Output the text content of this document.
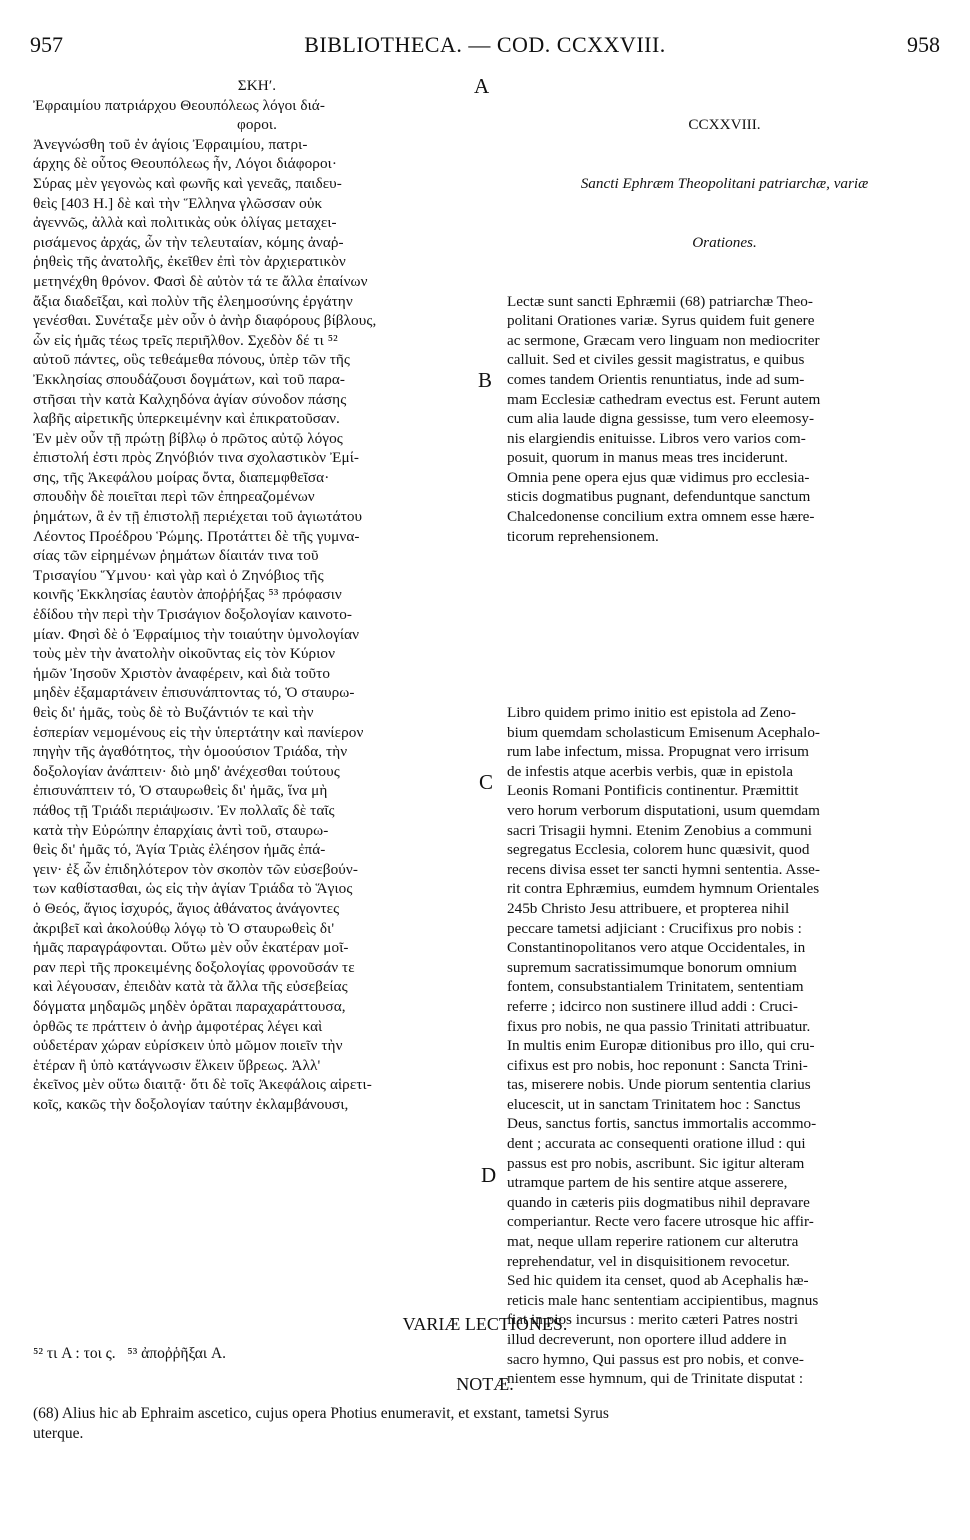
957	BIBLIOTHECA. — COD. CCXXVIII.	958
A
B
C
D
ΣΚΗʹ.
Ἐφραιμίου πατριάρχου Θεουπόλεως λόγοι διά-
φοροι.
Ἀνεγνώσθη τοῦ ἐν ἁγίοις Ἐφραιμίου, πατρι-
άρχης δὲ οὗτος Θεουπόλεως ἦν, Λόγοι διάφοροι·
Σύρας μὲν γεγονὼς καὶ φωνῆς καὶ γενεᾶς, παιδευ-
θεὶς [403 H.] δὲ καὶ τὴν Ἕλληνα γλῶσσαν οὐκ
ἀγεννῶς, ἀλλὰ καὶ πολιτικὰς οὐκ ὀλίγας μεταχει-
ρισάμενος ἀρχάς, ὧν τὴν τελευταίαν, κόμης ἀναῤ-
ῥηθεὶς τῆς ἀνατολῆς, ἐκεῖθεν ἐπὶ τὸν ἀρχιερατικὸν
μετηνέχθη θρόνον. Φασὶ δὲ αὐτὸν τά τε ἄλλα ἐπαίνων
ἄξια διαδεῖξαι, καὶ πολὺν τῆς ἐλεημοσύνης ἐργάτην
γενέσθαι. Συνέταξε μὲν οὖν ὁ ἀνὴρ διαφόρους βίβλους,
ὧν εἰς ἡμᾶς τέως τρεῖς περιῆλθον. Σχεδὸν δέ τι ⁵²
αὐτοῦ πάντες, οὓς τεθεάμεθα πόνους, ὑπὲρ τῶν τῆς
Ἐκκλησίας σπουδάζουσι δογμάτων, καὶ τοῦ παρα-
στῆσαι τὴν κατὰ Καλχηδόνα ἁγίαν σύνοδον πάσης
λαβῆς αἱρετικῆς ὑπερκειμένην καὶ ἐπικρατοῦσαν.
Ἐν μὲν οὖν τῇ πρώτῃ βίβλῳ ὁ πρῶτος αὐτῷ λόγος
ἐπιστολή ἐστι πρὸς Ζηνόβιόν τινα σχολαστικὸν Ἐμί-
σης, τῆς Ἀκεφάλου μοίρας ὄντα, διαπεμφθεῖσα·
σπουδὴν δὲ ποιεῖται περὶ τῶν ἐπηρεαζομένων
ῥημάτων, ἃ ἐν τῇ ἐπιστολῇ περιέχεται τοῦ ἁγιωτάτου
Λέοντος Προέδρου Ῥώμης. Προτάττει δὲ τῆς γυμνα-
σίας τῶν εἰρημένων ῥημάτων δίαιτάν τινα τοῦ
Τρισαγίου Ὕμνου· καὶ γὰρ καὶ ὁ Ζηνόβιος τῆς
κοινῆς Ἐκκλησίας ἑαυτὸν ἀποῤῥήξας ⁵³ πρόφασιν
ἐδίδου τὴν περὶ τὴν Τρισάγιον δοξολογίαν καινοτο-
μίαν. Φησὶ δὲ ὁ Ἐφραίμιος τὴν τοιαύτην ὑμνολογίαν
τοὺς μὲν τὴν ἀνατολὴν οἰκοῦντας εἰς τὸν Κύριον
ἡμῶν Ἰησοῦν Χριστὸν ἀναφέρειν, καὶ διὰ τοῦτο
μηδὲν ἐξαμαρτάνειν ἐπισυνάπτοντας τό, Ὁ σταυρω-
θεὶς δι' ἡμᾶς, τοὺς δὲ τὸ Βυζάντιόν τε καὶ τὴν
ἑσπερίαν νεμομένους εἰς τὴν ὑπερτάτην καὶ πανίερον
πηγὴν τῆς ἀγαθότητος, τὴν ὁμοούσιον Τριάδα, τὴν
δοξολογίαν ἀνάπτειν· διὸ μηδ' ἀνέχεσθαι τούτους
ἐπισυνάπτειν τό, Ὁ σταυρωθεὶς δι' ἡμᾶς, ἵνα μὴ
πάθος τῇ Τριάδι περιάψωσιν. Ἐν πολλαῖς δὲ ταῖς
κατὰ τὴν Εὐρώπην ἐπαρχίαις ἀντὶ τοῦ, σταυρω-
θεὶς δι' ἡμᾶς τό, Ἁγία Τριὰς ἐλέησον ἡμᾶς ἐπά-
γειν· ἐξ ὧν ἐπιδηλότερον τὸν σκοπὸν τῶν εὐσεβούν-
των καθίστασθαι, ὡς εἰς τὴν ἁγίαν Τριάδα τὸ Ἅγιος
ὁ Θεός, ἅγιος ἰσχυρός, ἅγιος ἀθάνατος ἀνάγοντες
ἀκριβεῖ καὶ ἀκολούθῳ λόγῳ τὸ Ὁ σταυρωθεὶς δι'
ἡμᾶς παραγράφονται. Οὕτω μὲν οὖν ἑκατέραν μοῖ-
ραν περὶ τῆς προκειμένης δοξολογίας φρονοῦσάν τε
καὶ λέγουσαν, ἐπειδὰν κατὰ τὰ ἄλλα τῆς εὐσεβείας
δόγματα μηδαμῶς μηδὲν ὁρᾶται παραχαράττουσα,
ὀρθῶς τε πράττειν ὁ ἀνὴρ ἀμφοτέρας λέγει καὶ
οὐδετέραν χώραν εὑρίσκειν ὑπὸ μῶμον ποιεῖν τὴν
ἑτέραν ἢ ὑπὸ κατάγνωσιν ἕλκειν ὕβρεως. Ἀλλ'
ἐκεῖνος μὲν οὕτω διαιτᾷ· ὅτι δὲ τοῖς Ἀκεφάλοις αἱρετι-
κοῖς, κακῶς τὴν δοξολογίαν ταύτην ἐκλαμβάνουσι,

CCXXVIII.

Sancti Ephræm Theopolitani patriarchæ, variæ

Orationes.

Lectæ sunt sancti Ephræmii (68) patriarchæ Theo-
politani Orationes variæ. Syrus quidem fuit genere
ac sermone, Græcam vero linguam non mediocriter
calluit. Sed et civiles gessit magistratus, e quibus
comes tandem Orientis renuntiatus, inde ad sum-
mam Ecclesiæ cathedram evectus est. Ferunt autem
cum alia laude digna gessisse, tum vero eleemosy-
nis elargiendis enituisse. Libros vero varios com-
posuit, quorum in manus meas tres inciderunt.
Omnia pene opera ejus quæ vidimus pro ecclesia-
sticis dogmatibus pugnant, defenduntque sanctum
Chalcedonense concilium extra omnem esse hære-
ticorum reprehensionem.

Libro quidem primo initio est epistola ad Zeno-
bium quemdam scholasticum Emisenum Acephalo-
rum labe infectum, missa. Propugnat vero irrisum
de infestis atque acerbis verbis, quæ in epistola
Leonis Romani Pontificis continentur. Præmittit
vero horum verborum disputationi, usum quemdam
sacri Trisagii hymni. Etenim Zenobius a communi
segregatus Ecclesia, colorem hunc quæsivit, quod
recens divisa esset ter sancti hymni sententia. Asse-
rit contra Ephræmius, eumdem hymnum Orientales
245b Christo Jesu attribuere, et propterea nihil
peccare tametsi adjiciant : Crucifixus pro nobis :
Constantinopolitanos vero atque Occidentales, in
supremum sacratissimumque bonorum omnium
fontem, consubstantialem Trinitatem, sententiam
referre ; idcirco non sustinere illud addi : Cruci-
fixus pro nobis, ne qua passio Trinitati attribuatur.
In multis enim Europæ ditionibus pro illo, qui cru-
cifixus est pro nobis, hoc reponunt : Sancta Trini-
tas, miserere nobis. Unde piorum sententia clarius
elucescit, ut in sanctam Trinitatem hoc : Sanctus
Deus, sanctus fortis, sanctus immortalis accommo-
dent ; accurata ac consequenti oratione illud : qui
passus est pro nobis, ascribunt. Sic igitur alteram
utramque partem de his sentire atque asserere,
quando in cæteris piis dogmatibus nihil depravare
comperiantur. Recte vero facere utrosque hic affir-
mat, neque ullam reperire rationem cur alterutra
reprehendatur, vel in disquisitionem revocetur.
Sed hic quidem ita censet, quod ab Acephalis hæ-
reticis male hanc sententiam accipientibus, magnus
fiat in pios incursus : merito cæteri Patres nostri
illud decreverunt, non oportere illud addere in
sacro hymno, Qui passus est pro nobis, et conve-
nientem esse hymnum, qui de Trinitate disputat :

VARIÆ LECTIONES.
⁵² τι A : τοι ς.   ⁵³ ἀποῤῥῆξαι A.
NOTÆ.
(68) Alius hic ab Ephraim ascetico, cujus opera Photius enumeravit, et exstant, tametsi Syrus
uterque.
